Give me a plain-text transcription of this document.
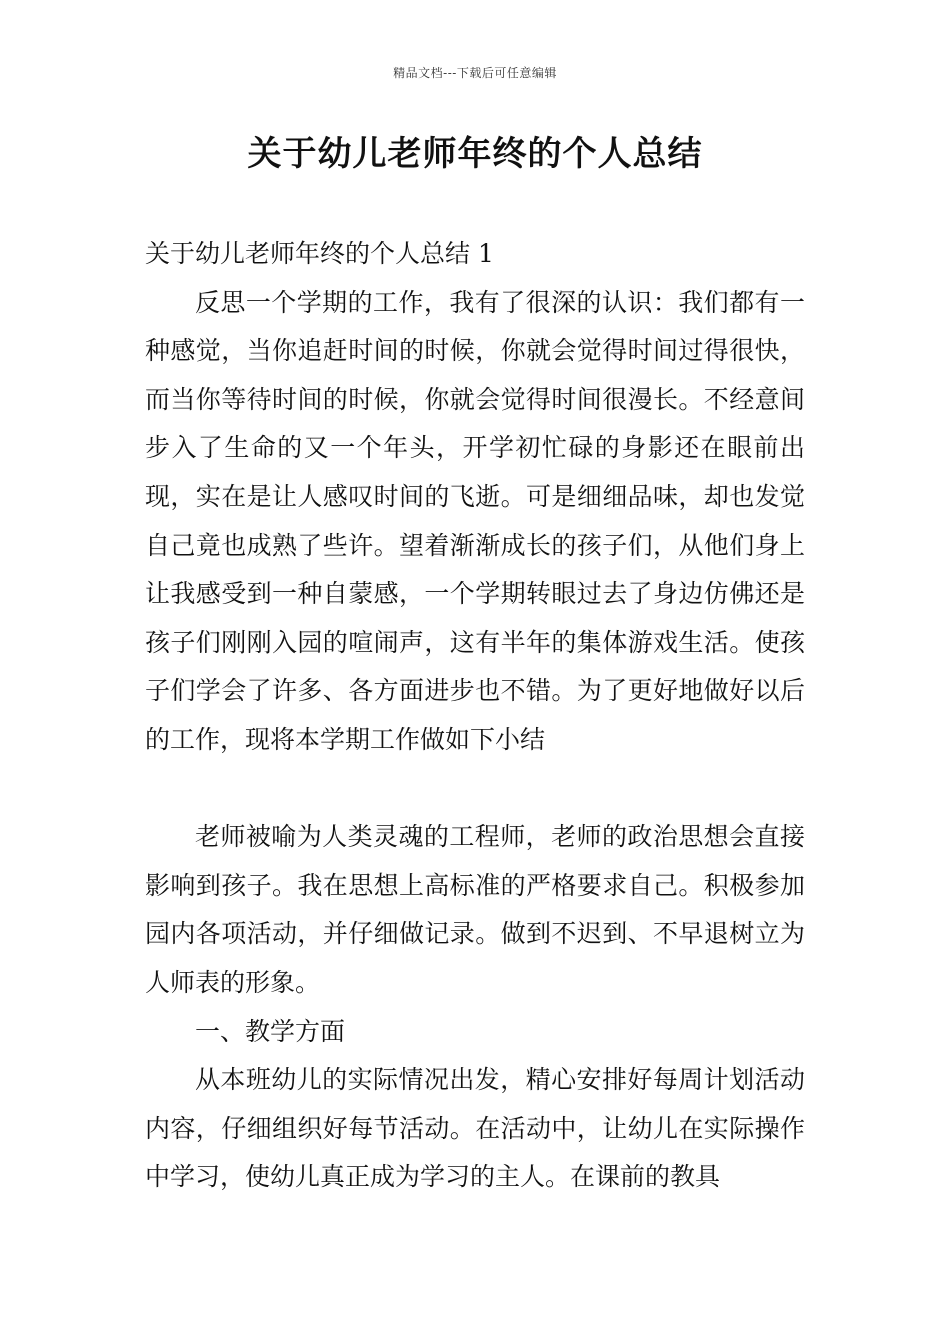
精品文档---下载后可任意编辑
关于幼儿老师年终的个人总结

关于幼儿老师年终的个人总结 1

反思一个学期的工作，我有了很深的认识：我们都有一种感觉，当你追赶时间的时候，你就会觉得时间过得很快，而当你等待时间的时候，你就会觉得时间很漫长。不经意间步入了生命的又一个年头，开学初忙碌的身影还在眼前出现，实在是让人感叹时间的飞逝。可是细细品味，却也发觉自己竟也成熟了些许。望着渐渐成长的孩子们，从他们身上让我感受到一种自蒙感，一个学期转眼过去了身边仿佛还是孩子们刚刚入园的喧闹声，这有半年的集体游戏生活。使孩子们学会了许多、各方面进步也不错。为了更好地做好以后的工作，现将本学期工作做如下小结

老师被喻为人类灵魂的工程师，老师的政治思想会直接影响到孩子。我在思想上高标准的严格要求自己。积极参加园内各项活动，并仔细做记录。做到不迟到、不早退树立为人师表的形象。

一、教学方面

从本班幼儿的实际情况出发，精心安排好每周计划活动内容，仔细组织好每节活动。在活动中，让幼儿在实际操作中学习，使幼儿真正成为学习的主人。在课前的教具
